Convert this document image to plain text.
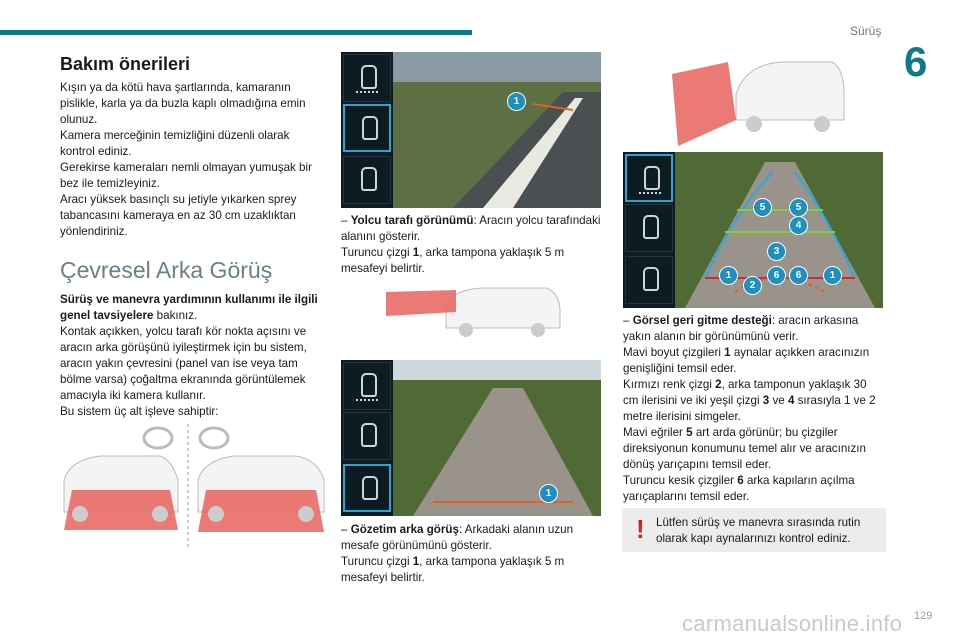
Sürüş
6
Bakım önerileri

Kışın ya da kötü hava şartlarında, kamaranın pislikle, karla ya da buzla kaplı olmadığına emin olunuz.

Kamera merceğinin temizliğini düzenli olarak kontrol ediniz.

Gerekirse kameraları nemli olmayan yumuşak bir bez ile temizleyiniz.

Aracı yüksek basınçlı su jetiyle yıkarken sprey tabancasını kameraya en az 30 cm uzaklıktan yönlendiriniz.

Çevresel Arka Görüş

Sürüş ve manevra yardımının kullanımı ile ilgili genel tavsiyelere bakınız.

Kontak açıkken, yolcu tarafı kör nokta açısını ve aracın arka görüşünü iyileştirmek için bu sistem, aracın yakın çevresini (panel van ise veya tam bölme varsa) çoğaltma ekranında görüntülemek amacıyla iki kamera kullanır.

Bu sistem üç alt işleve sahiptir:

1

– Yolcu tarafı görünümü: Aracın yolcu tarafındaki alanını gösterir.

Turuncu çizgi 1, arka tampona yaklaşık 5 m mesafeyi belirtir.

1

– Gözetim arka görüş: Arkadaki alanın uzun mesafe görünümünü gösterir.

Turuncu çizgi 1, arka tampona yaklaşık 5 m mesafeyi belirtir.

5	5
4
3
1	6	6	1
2

– Görsel geri gitme desteği: aracın arkasına yakın alanın bir görünümünü verir.

Mavi boyut çizgileri 1 aynalar açıkken aracınızın genişliğini temsil eder.

Kırmızı renk çizgi 2, arka tamponun yaklaşık 30 cm ilerisini ve iki yeşil çizgi 3 ve 4 sırasıyla 1 ve 2 metre ilerisini simgeler.

Mavi eğriler 5 art arda görünür; bu çizgiler direksiyonun konumunu temel alır ve aracınızın dönüş yarıçapını temsil eder.

Turuncu kesik çizgiler 6 arka kapıların açılma yarıçaplarını temsil eder.

! Lütfen sürüş ve manevra sırasında rutin olarak kapı aynalarınızı kontrol ediniz.
carmanualsonline.info 129
